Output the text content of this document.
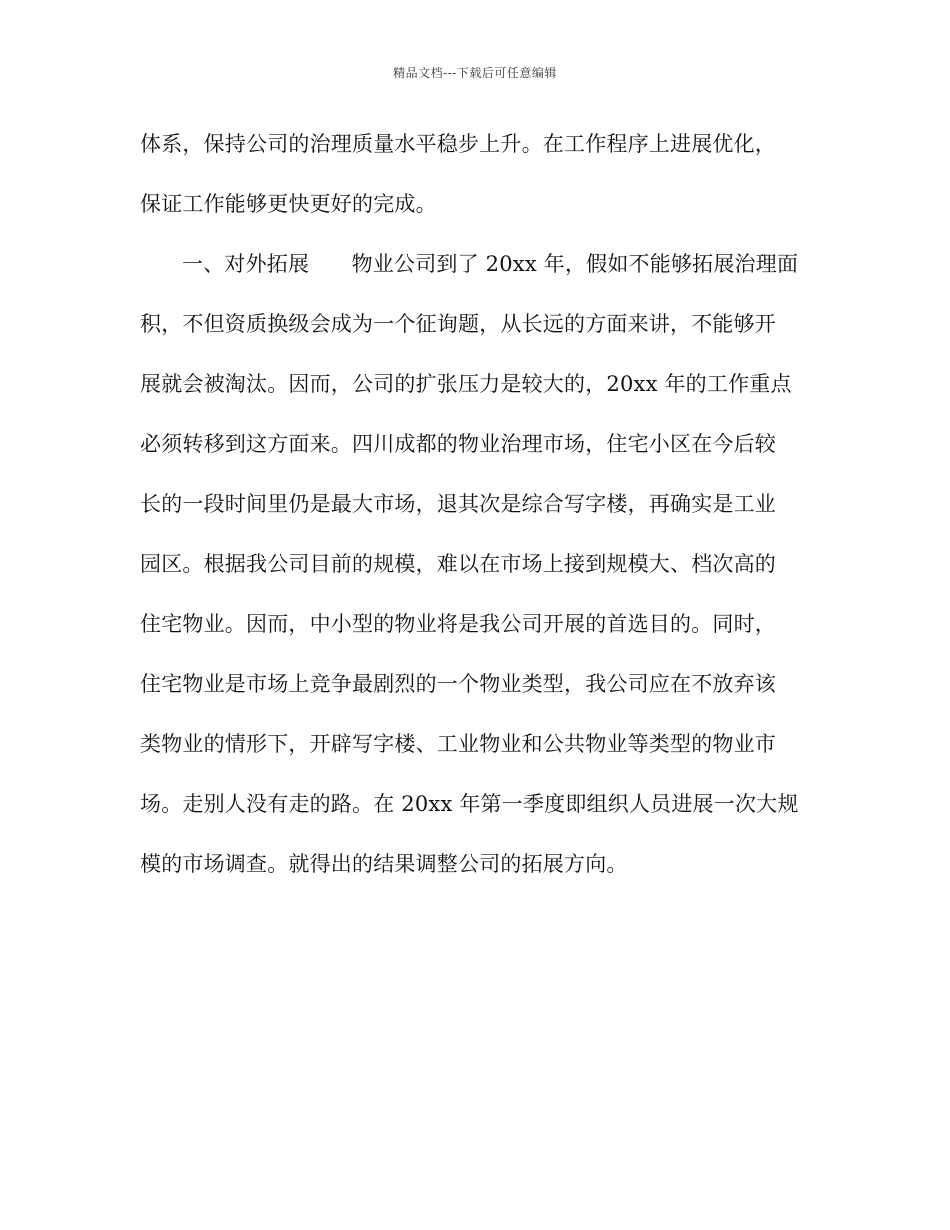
精品文档---下载后可任意编辑
体系，保持公司的治理质量水平稳步上升。在工作程序上进展优化，
保证工作能够更快更好的完成。
一、对外拓展　　物业公司到了 20xx 年，假如不能够拓展治理面
积，不但资质换级会成为一个征询题，从长远的方面来讲，不能够开
展就会被淘汰。因而，公司的扩张压力是较大的，20xx 年的工作重点
必须转移到这方面来。四川成都的物业治理市场，住宅小区在今后较
长的一段时间里仍是最大市场，退其次是综合写字楼，再确实是工业
园区。根据我公司目前的规模，难以在市场上接到规模大、档次高的
住宅物业。因而，中小型的物业将是我公司开展的首选目的。同时，
住宅物业是市场上竞争最剧烈的一个物业类型，我公司应在不放弃该
类物业的情形下，开辟写字楼、工业物业和公共物业等类型的物业市
场。走别人没有走的路。在 20xx 年第一季度即组织人员进展一次大规
模的市场调查。就得出的结果调整公司的拓展方向。
